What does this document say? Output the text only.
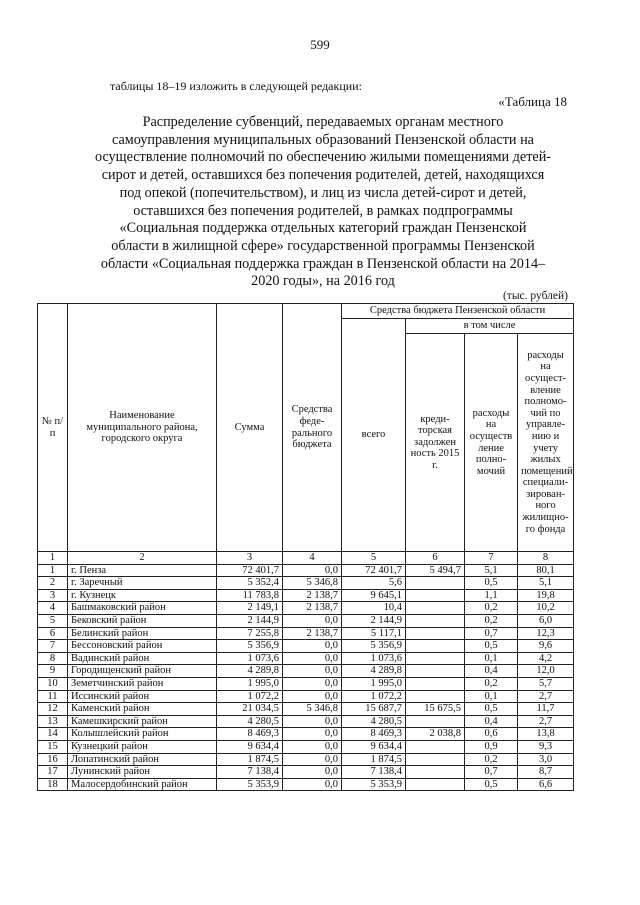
599
таблицы 18–19 изложить в следующей редакции:
«Таблица 18
Распределение субвенций, передаваемых органам местного самоуправления муниципальных образований Пензенской области на осуществление полномочий по обеспечению жилыми помещениями детей-сирот и детей, оставшихся без попечения родителей, детей, находящихся под опекой (попечительством), и лиц из числа детей-сирот и детей, оставшихся без попечения родителей, в рамках подпрограммы «Социальная поддержка отдельных категорий граждан Пензенской области в жилищной сфере» государственной программы Пензенской области «Социальная поддержка граждан в Пензенской области на 2014–2020 годы», на 2016 год
(тыс. рублей)
№ п/п	Наименование муниципального района, городского округа	Сумма	Средства феде-рального бюджета	Средства бюджета Пензенской области			
				всего	в том числе		
					креди-торская задолжен ность 2015 г.	расходы на осуществ ление полно-мочий	расходы на осущест-вление полномо-чий по управле-нию и учету жилых помещений специали-зирован-ного жилищно-го фонда
1	2	3	4	5	6	7	8
1	г. Пенза	72 401,7	0,0	72 401,7	5 494,7	5,1	80,1
2	г. Заречный	5 352,4	5 346,8	5,6		0,5	5,1
3	г. Кузнецк	11 783,8	2 138,7	9 645,1		1,1	19,8
4	Башмаковский район	2 149,1	2 138,7	10,4		0,2	10,2
5	Бековский район	2 144,9	0,0	2 144,9		0,2	6,0
6	Белинский район	7 255,8	2 138,7	5 117,1		0,7	12,3
7	Бессоновский район	5 356,9	0,0	5 356,9		0,5	9,6
8	Вадинский район	1 073,6	0,0	1 073,6		0,1	4,2
9	Городищенский район	4 289,8	0,0	4 289,8		0,4	12,0
10	Земетчинский район	1 995,0	0,0	1 995,0		0,2	5,7
11	Иссинский район	1 072,2	0,0	1 072,2		0,1	2,7
12	Каменский район	21 034,5	5 346,8	15 687,7	15 675,5	0,5	11,7
13	Камешкирский район	4 280,5	0,0	4 280,5		0,4	2,7
14	Колышлейский район	8 469,3	0,0	8 469,3	2 038,8	0,6	13,8
15	Кузнецкий район	9 634,4	0,0	9 634,4		0,9	9,3
16	Лопатинский район	1 874,5	0,0	1 874,5		0,2	3,0
17	Лунинский район	7 138,4	0,0	7 138,4		0,7	8,7
18	Малосердобинский район	5 353,9	0,0	5 353,9		0,5	6,6
